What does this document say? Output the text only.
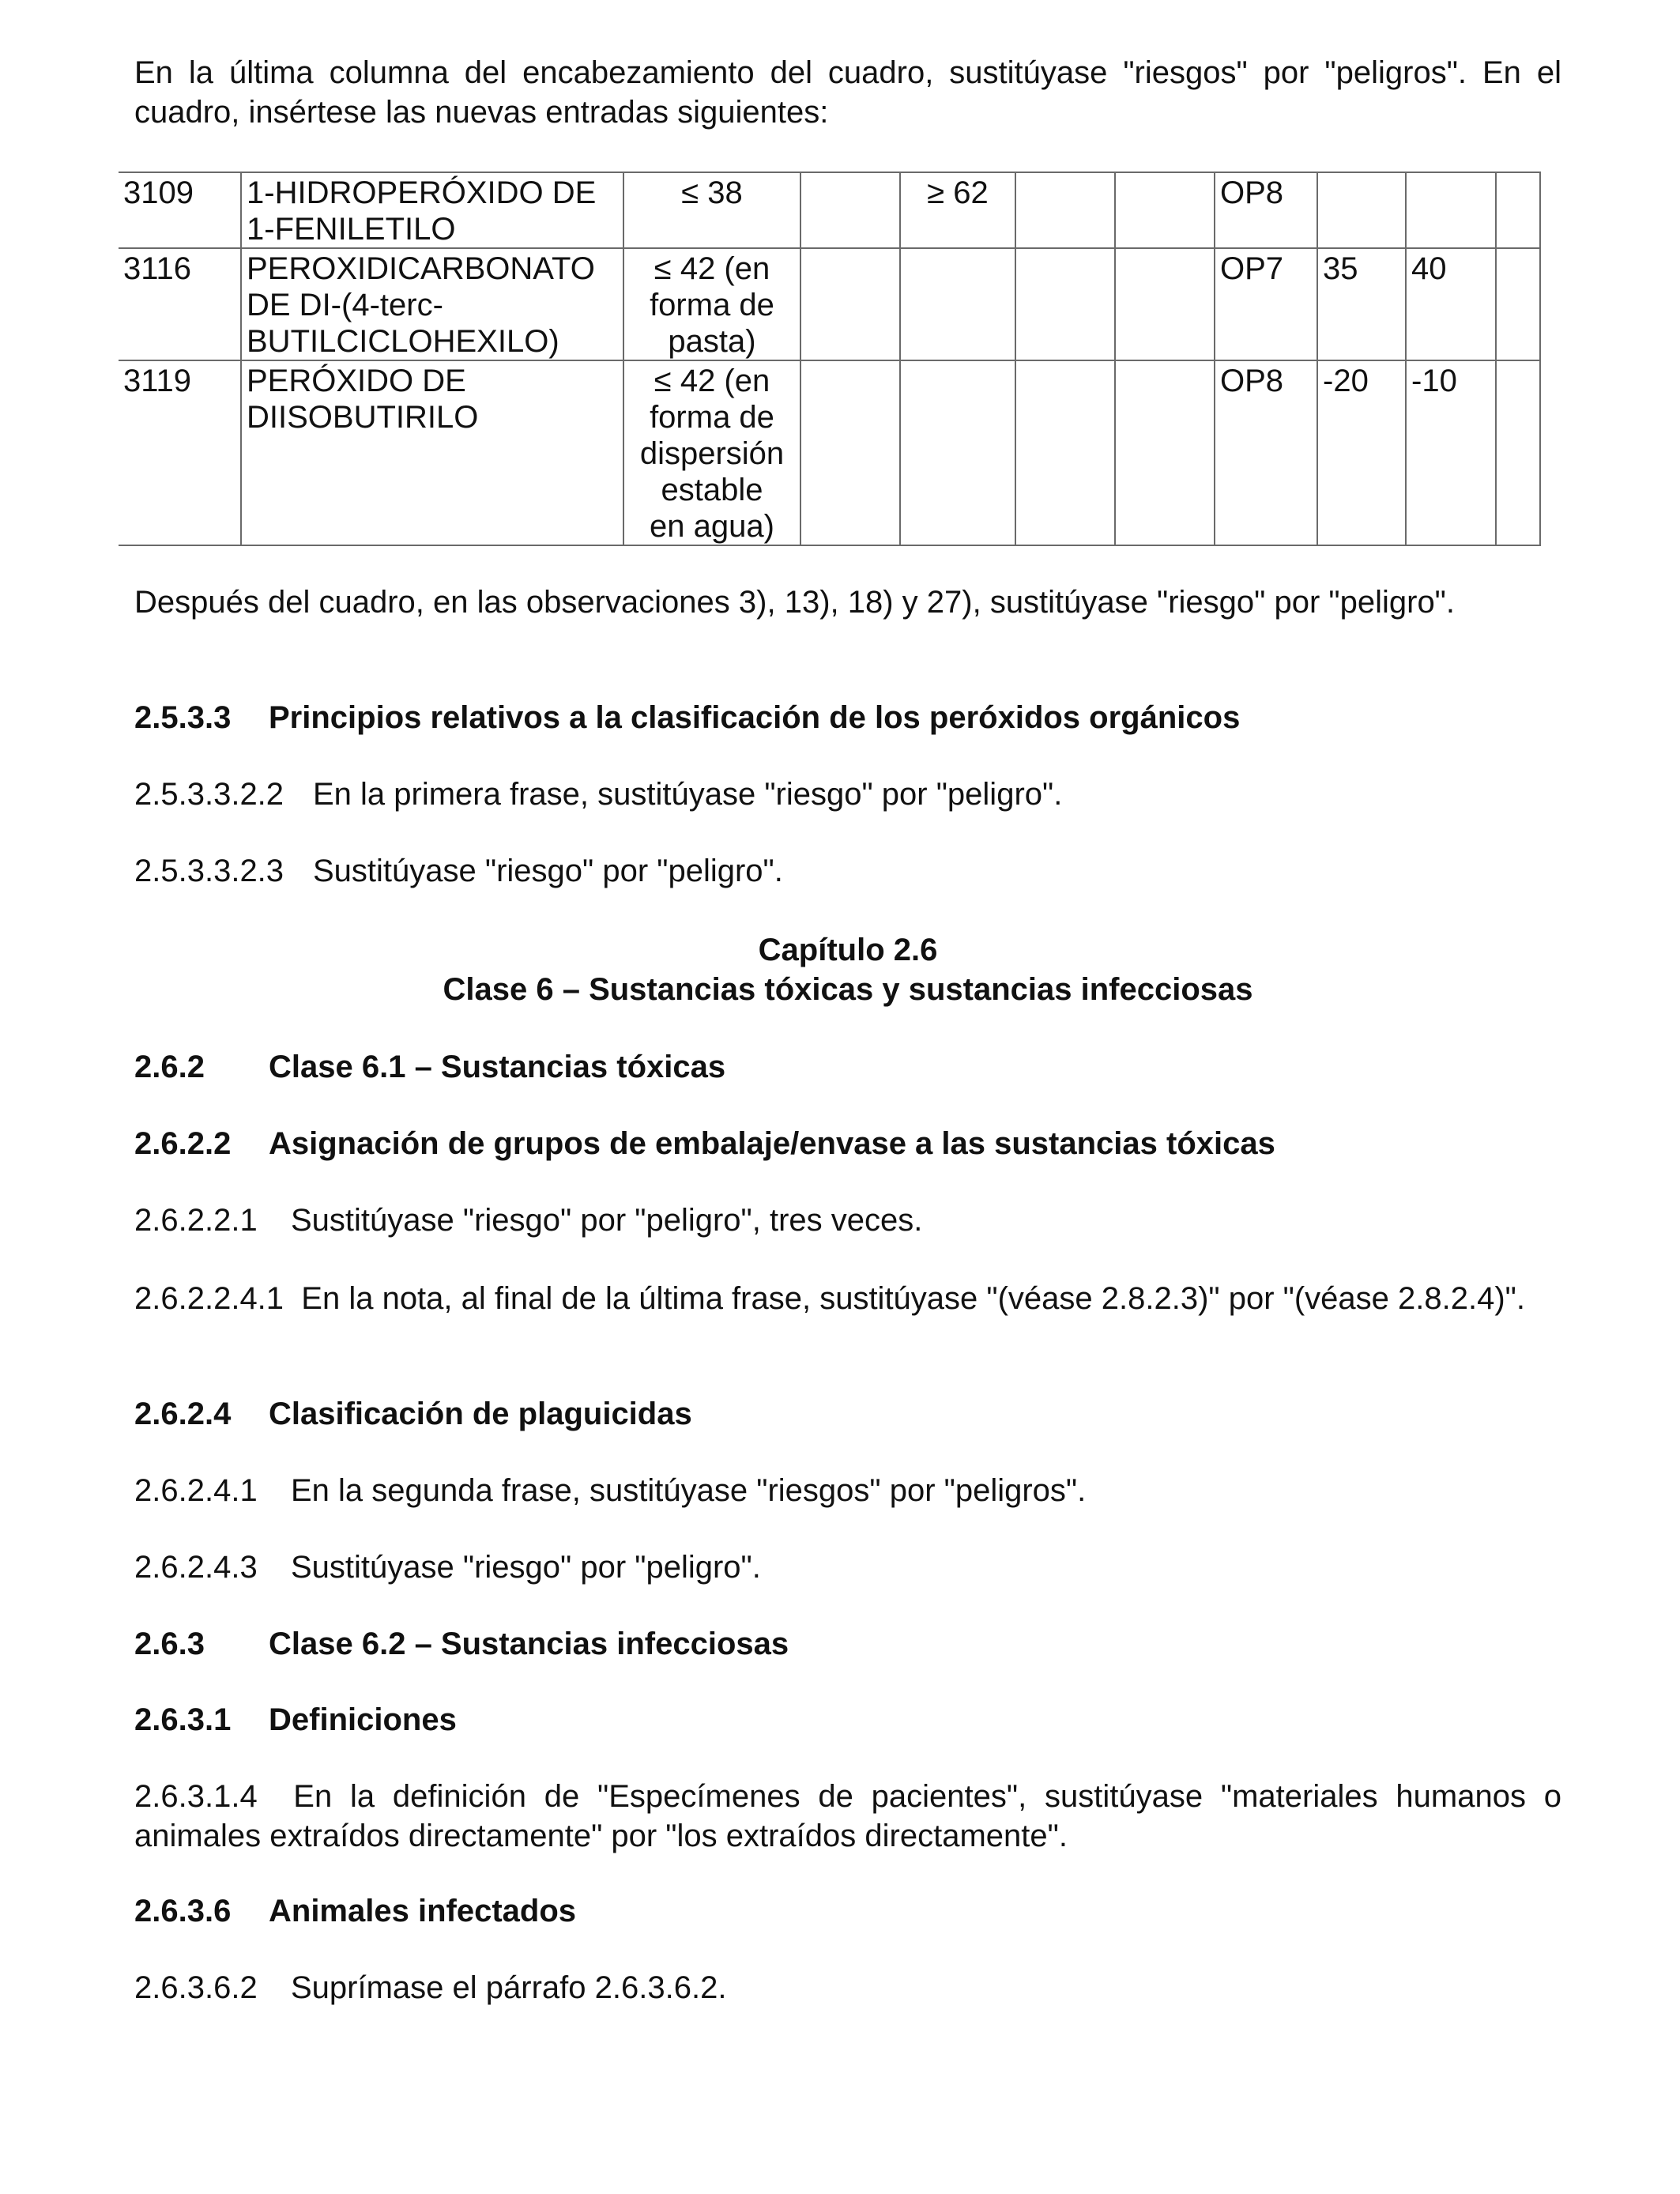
En la última columna del encabezamiento del cuadro, sustitúyase "riesgos" por "peligros". En el cuadro, insértese las nuevas entradas siguientes:

3109	1-HIDROPERÓXIDO DE
1-FENILETILO	≤ 38		≥ 62			OP8			
3116	PEROXIDICARBONATO
DE DI-(4-terc-
BUTILCICLOHEXILO)	≤ 42 (en
forma de
pasta)					OP7	35	40	
3119	PERÓXIDO DE
DIISOBUTIRILO	≤ 42 (en
forma de
dispersión
estable
en agua)					OP8	-20	-10	

Después del cuadro, en las observaciones 3), 13), 18) y 27), sustitúyase "riesgo" por "peligro".

2.5.3.3 Principios relativos a la clasificación de los peróxidos orgánicos

2.5.3.3.2.2 En la primera frase, sustitúyase "riesgo" por "peligro".

2.5.3.3.2.3 Sustitúyase "riesgo" por "peligro".

Capítulo 2.6

Clase 6 – Sustancias tóxicas y sustancias infecciosas

2.6.2 Clase 6.1 – Sustancias tóxicas

2.6.2.2 Asignación de grupos de embalaje/envase a las sustancias tóxicas

2.6.2.2.1 Sustitúyase "riesgo" por "peligro", tres veces.

2.6.2.2.4.1 En la nota, al final de la última frase, sustitúyase "(véase 2.8.2.3)" por "(véase 2.8.2.4)".

2.6.2.4 Clasificación de plaguicidas

2.6.2.4.1 En la segunda frase, sustitúyase "riesgos" por "peligros".

2.6.2.4.3 Sustitúyase "riesgo" por "peligro".

2.6.3 Clase 6.2 – Sustancias infecciosas

2.6.3.1 Definiciones

2.6.3.1.4 En la definición de "Especímenes de pacientes", sustitúyase "materiales humanos o animales extraídos directamente" por "los extraídos directamente".

2.6.3.6 Animales infectados

2.6.3.6.2 Suprímase el párrafo 2.6.3.6.2.
